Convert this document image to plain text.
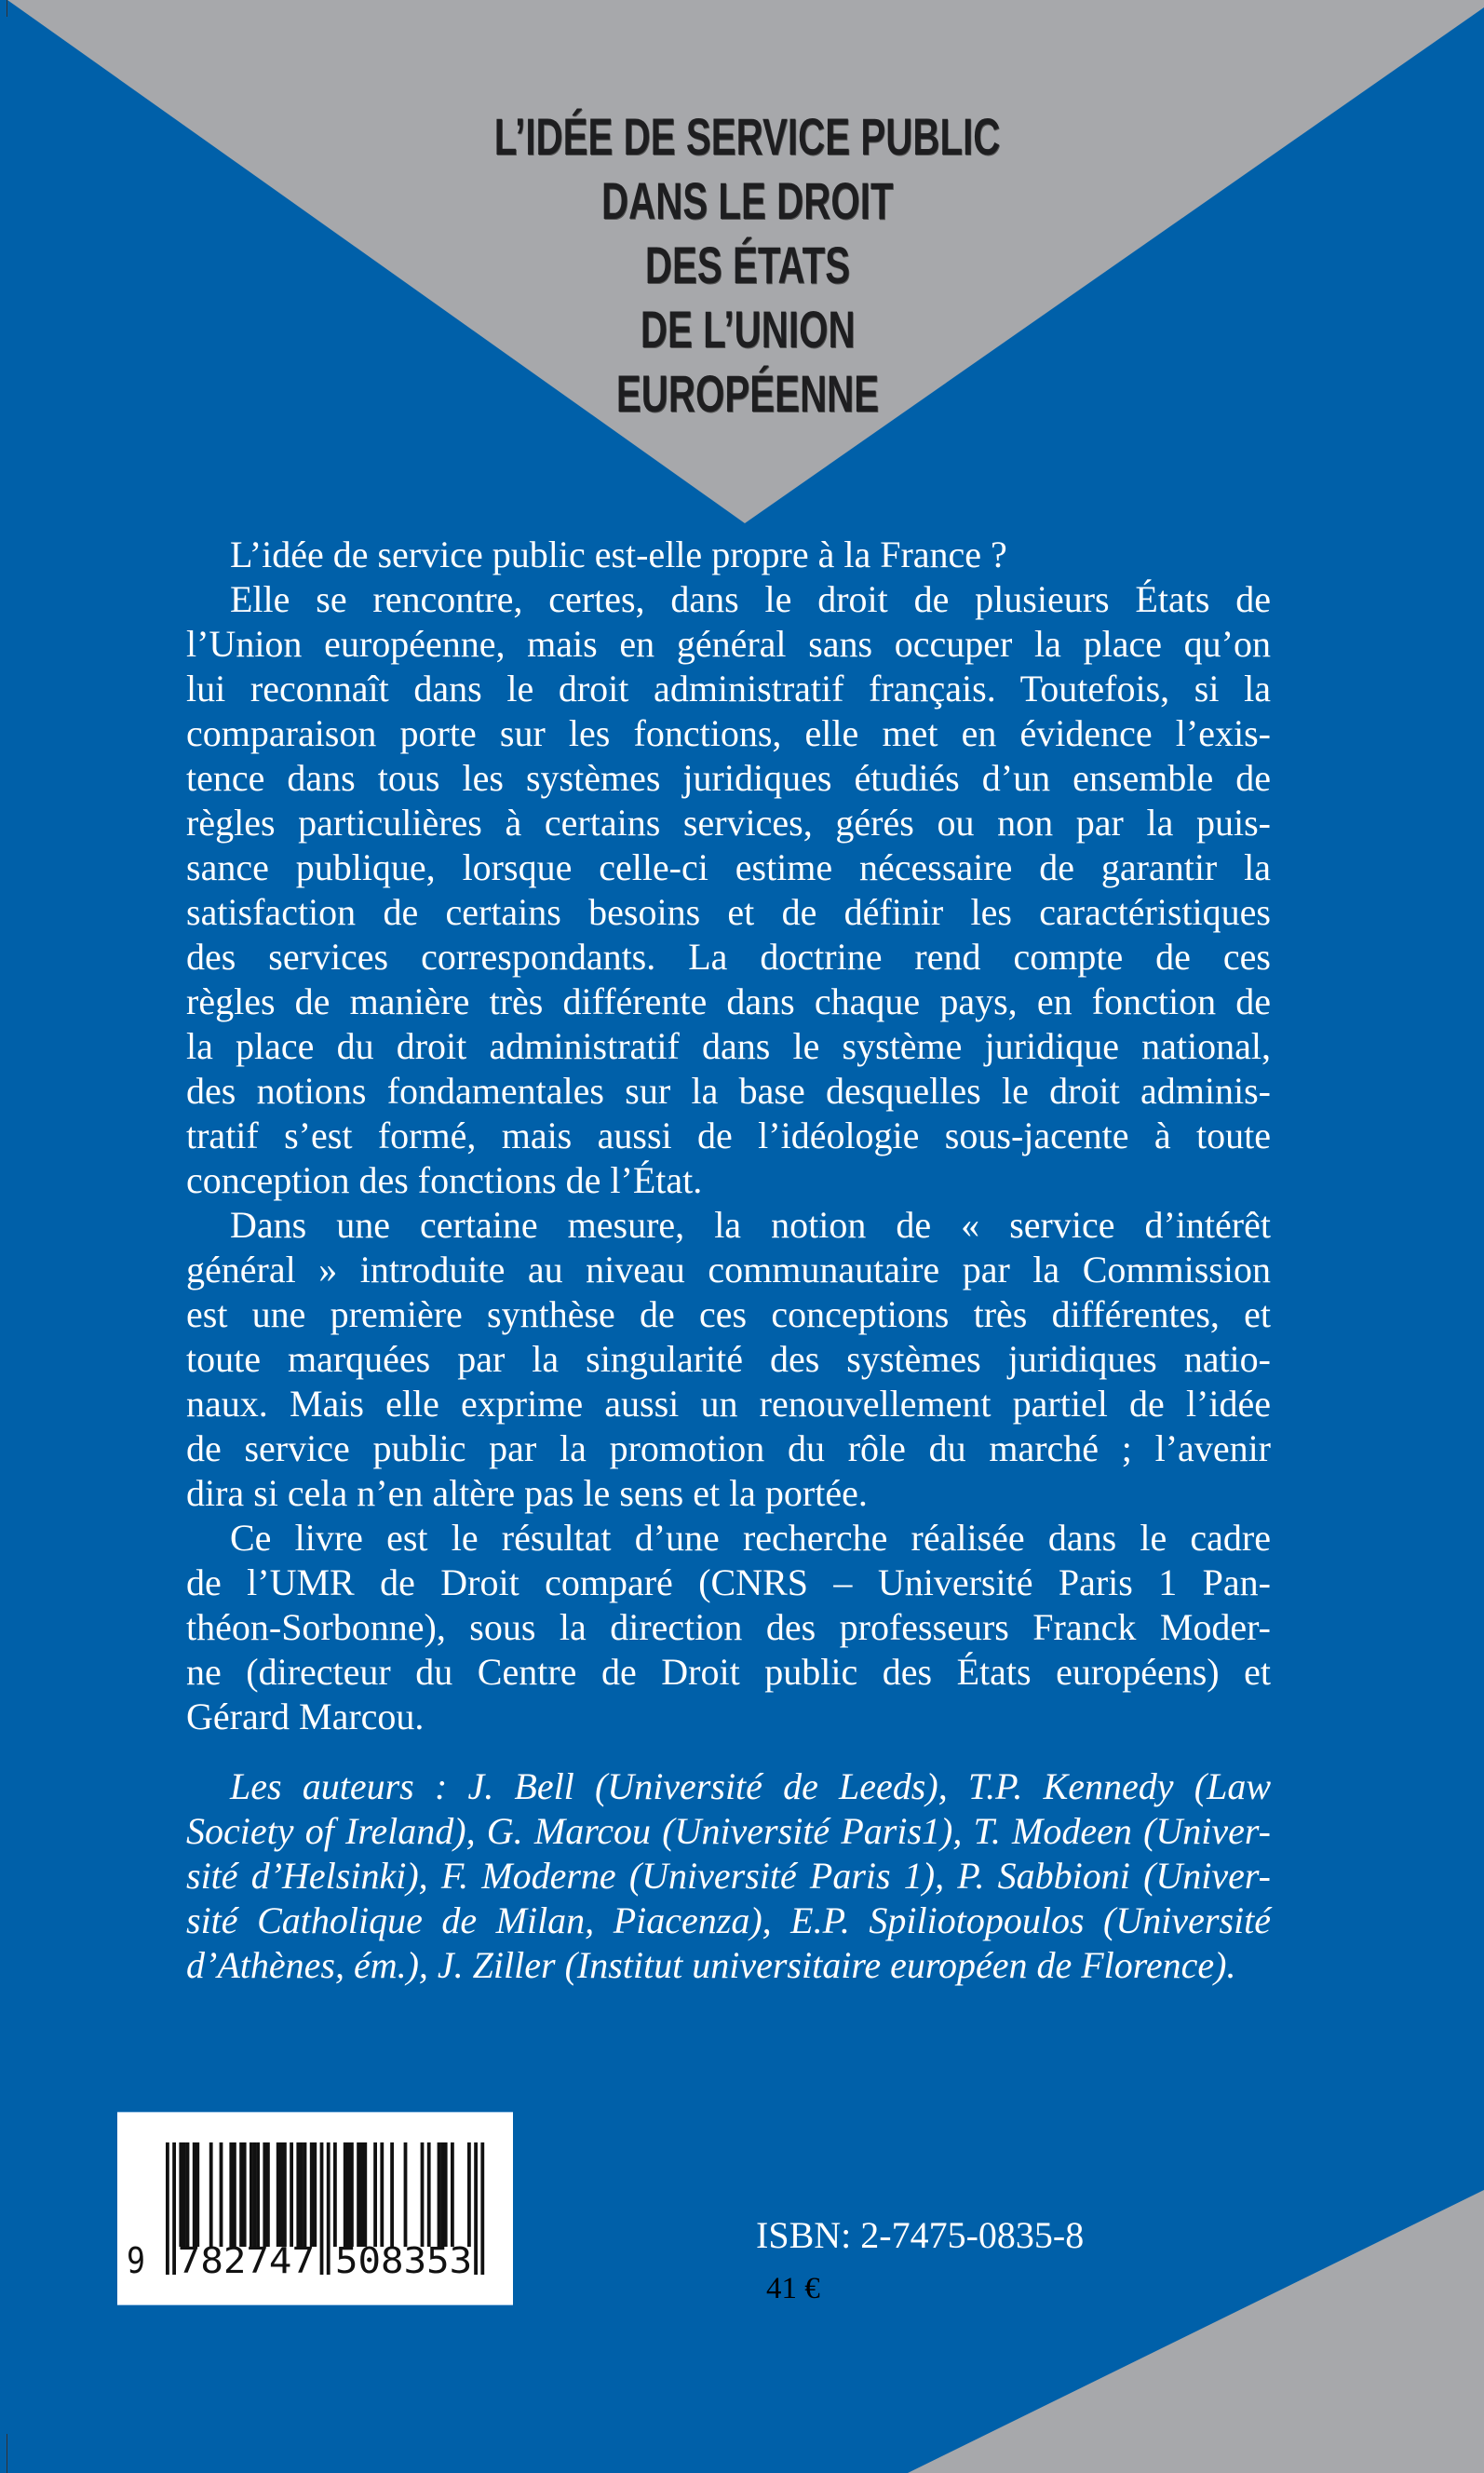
L’IDÉE DE SERVICE PUBLIC
DANS LE DROIT
DES ÉTATS
DE L’UNION
EUROPÉENNE
L’idée de service public est-elle propre à la France ?
Elle se rencontre, certes, dans le droit de plusieurs États de
l’Union européenne, mais en général sans occuper la place qu’on
lui reconnaît dans le droit administratif français. Toutefois, si la
comparaison porte sur les fonctions, elle met en évidence l’exis-
tence dans tous les systèmes juridiques étudiés d’un ensemble de
règles particulières à certains services, gérés ou non par la puis-
sance publique, lorsque celle-ci estime nécessaire de garantir la
satisfaction de certains besoins et de définir les caractéristiques
des services correspondants. La doctrine rend compte de ces
règles de manière très différente dans chaque pays, en fonction de
la place du droit administratif dans le système juridique national,
des notions fondamentales sur la base desquelles le droit adminis-
tratif s’est formé, mais aussi de l’idéologie sous-jacente à toute
conception des fonctions de l’État.
Dans une certaine mesure, la notion de « service d’intérêt
général » introduite au niveau communautaire par la Commission
est une première synthèse de ces conceptions très différentes, et
toute marquées par la singularité des systèmes juridiques natio-
naux. Mais elle exprime aussi un renouvellement partiel de l’idée
de service public par la promotion du rôle du marché ; l’avenir
dira si cela n’en altère pas le sens et la portée.
Ce livre est le résultat d’une recherche réalisée dans le cadre
de l’UMR de Droit comparé (CNRS – Université Paris 1 Pan-
théon-Sorbonne), sous la direction des professeurs Franck Moder-
ne (directeur du Centre de Droit public des États européens) et
Gérard Marcou.
Les auteurs : J. Bell (Université de Leeds), T.P. Kennedy (Law
Society of Ireland), G. Marcou (Université Paris1), T. Modeen (Univer-
sité d’Helsinki), F. Moderne (Université Paris 1), P. Sabbioni (Univer-
sité Catholique de Milan, Piacenza), E.P. Spiliotopoulos (Université
d’Athènes, ém.), J. Ziller (Institut universitaire européen de Florence).
9 782747 508353
ISBN: 2-7475-0835-8
41 €
